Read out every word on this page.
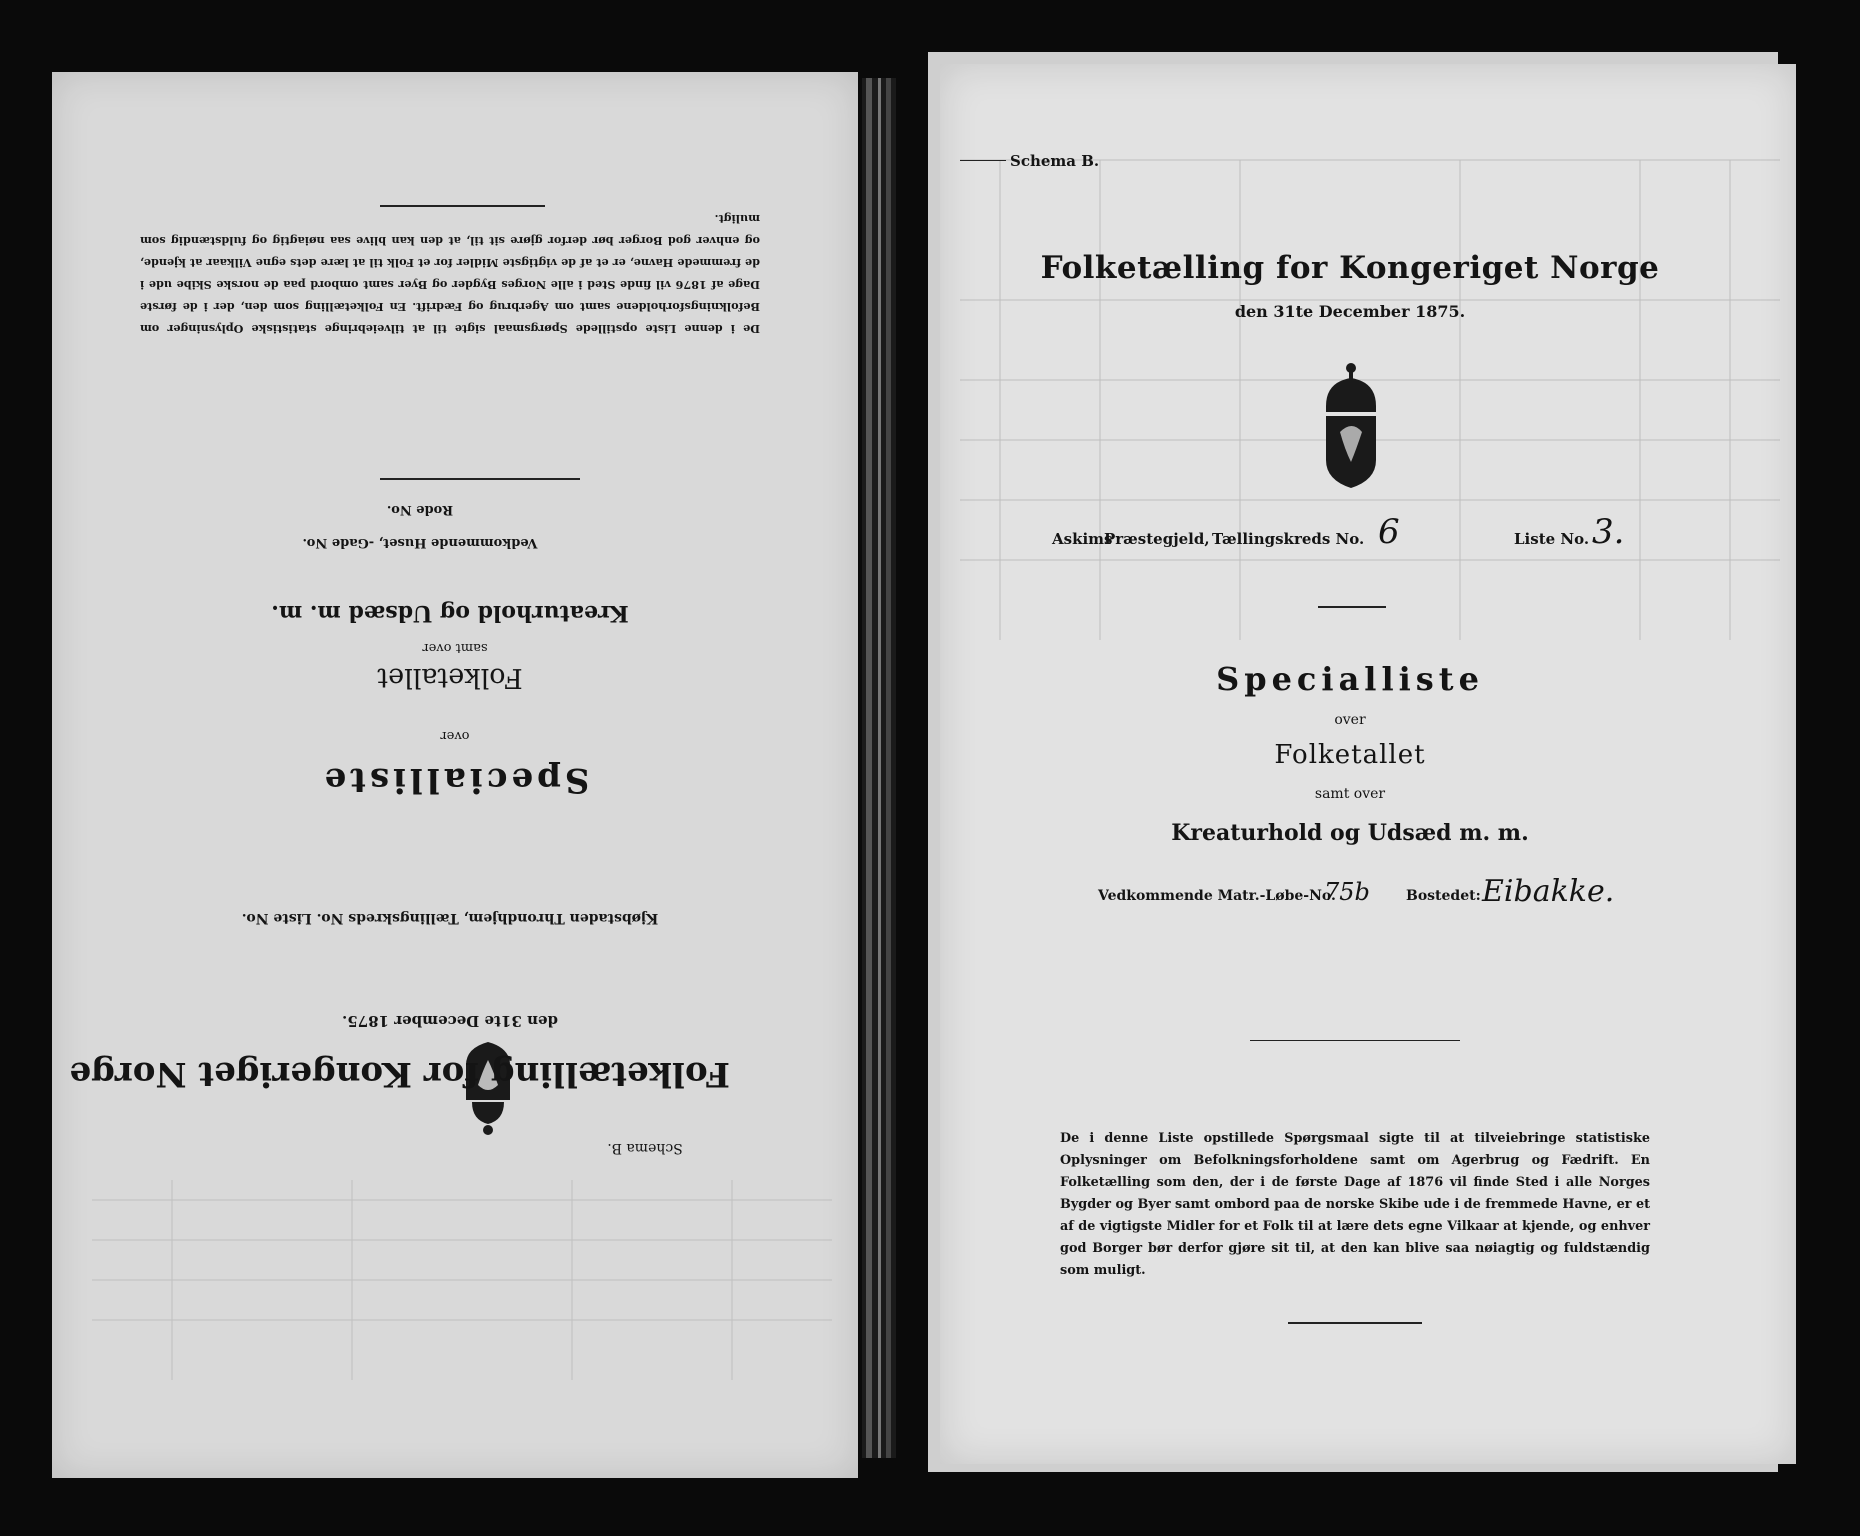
De i denne Liste opstillede Spørgsmaal sigte til at tilveiebringe statistiske Oplysninger om Befolkningsforholdene samt om Agerbrug og Fædrift. En Folketælling som den, der i de første Dage af 1876 vil finde Sted i alle Norges Bygder og Byer samt ombord paa de norske Skibe ude i de fremmede Havne, er et af de vigtigste Midler for et Folk til at lære dets egne Vilkaar at kjende, og enhver god Borger bør derfor gjøre sit til, at den kan blive saa nøiagtig og fuldstændig som muligt.
Rode No.
Vedkommende Huset, -Gade No.
Kreaturhold og Udsæd m. m.
samt over
Folketallet
over
Specialliste
Kjøbstaden Throndhjem, Tællingskreds No. Liste No.
den 31te December 1875.
Folketælling for Kongeriget Norge
Schema B.
Schema B.
Folketælling for Kongeriget Norge
den 31te December 1875.
Askims
Præstegjeld, Tællingskreds No. 6	Liste No. 3.
Specialliste
over
Folketallet
samt over
Kreaturhold og Udsæd m. m.
Vedkommende Matr.-Løbe-No.
75b	Bostedet: Eibakke.
De i denne Liste opstillede Spørgsmaal sigte til at tilveiebringe statistiske Oplysninger om Befolkningsforholdene samt om Agerbrug og Fædrift. En Folketælling som den, der i de første Dage af 1876 vil finde Sted i alle Norges Bygder og Byer samt ombord paa de norske Skibe ude i de fremmede Havne, er et af de vigtigste Midler for et Folk til at lære dets egne Vilkaar at kjende, og enhver god Borger bør derfor gjøre sit til, at den kan blive saa nøiagtig og fuldstændig som muligt.
